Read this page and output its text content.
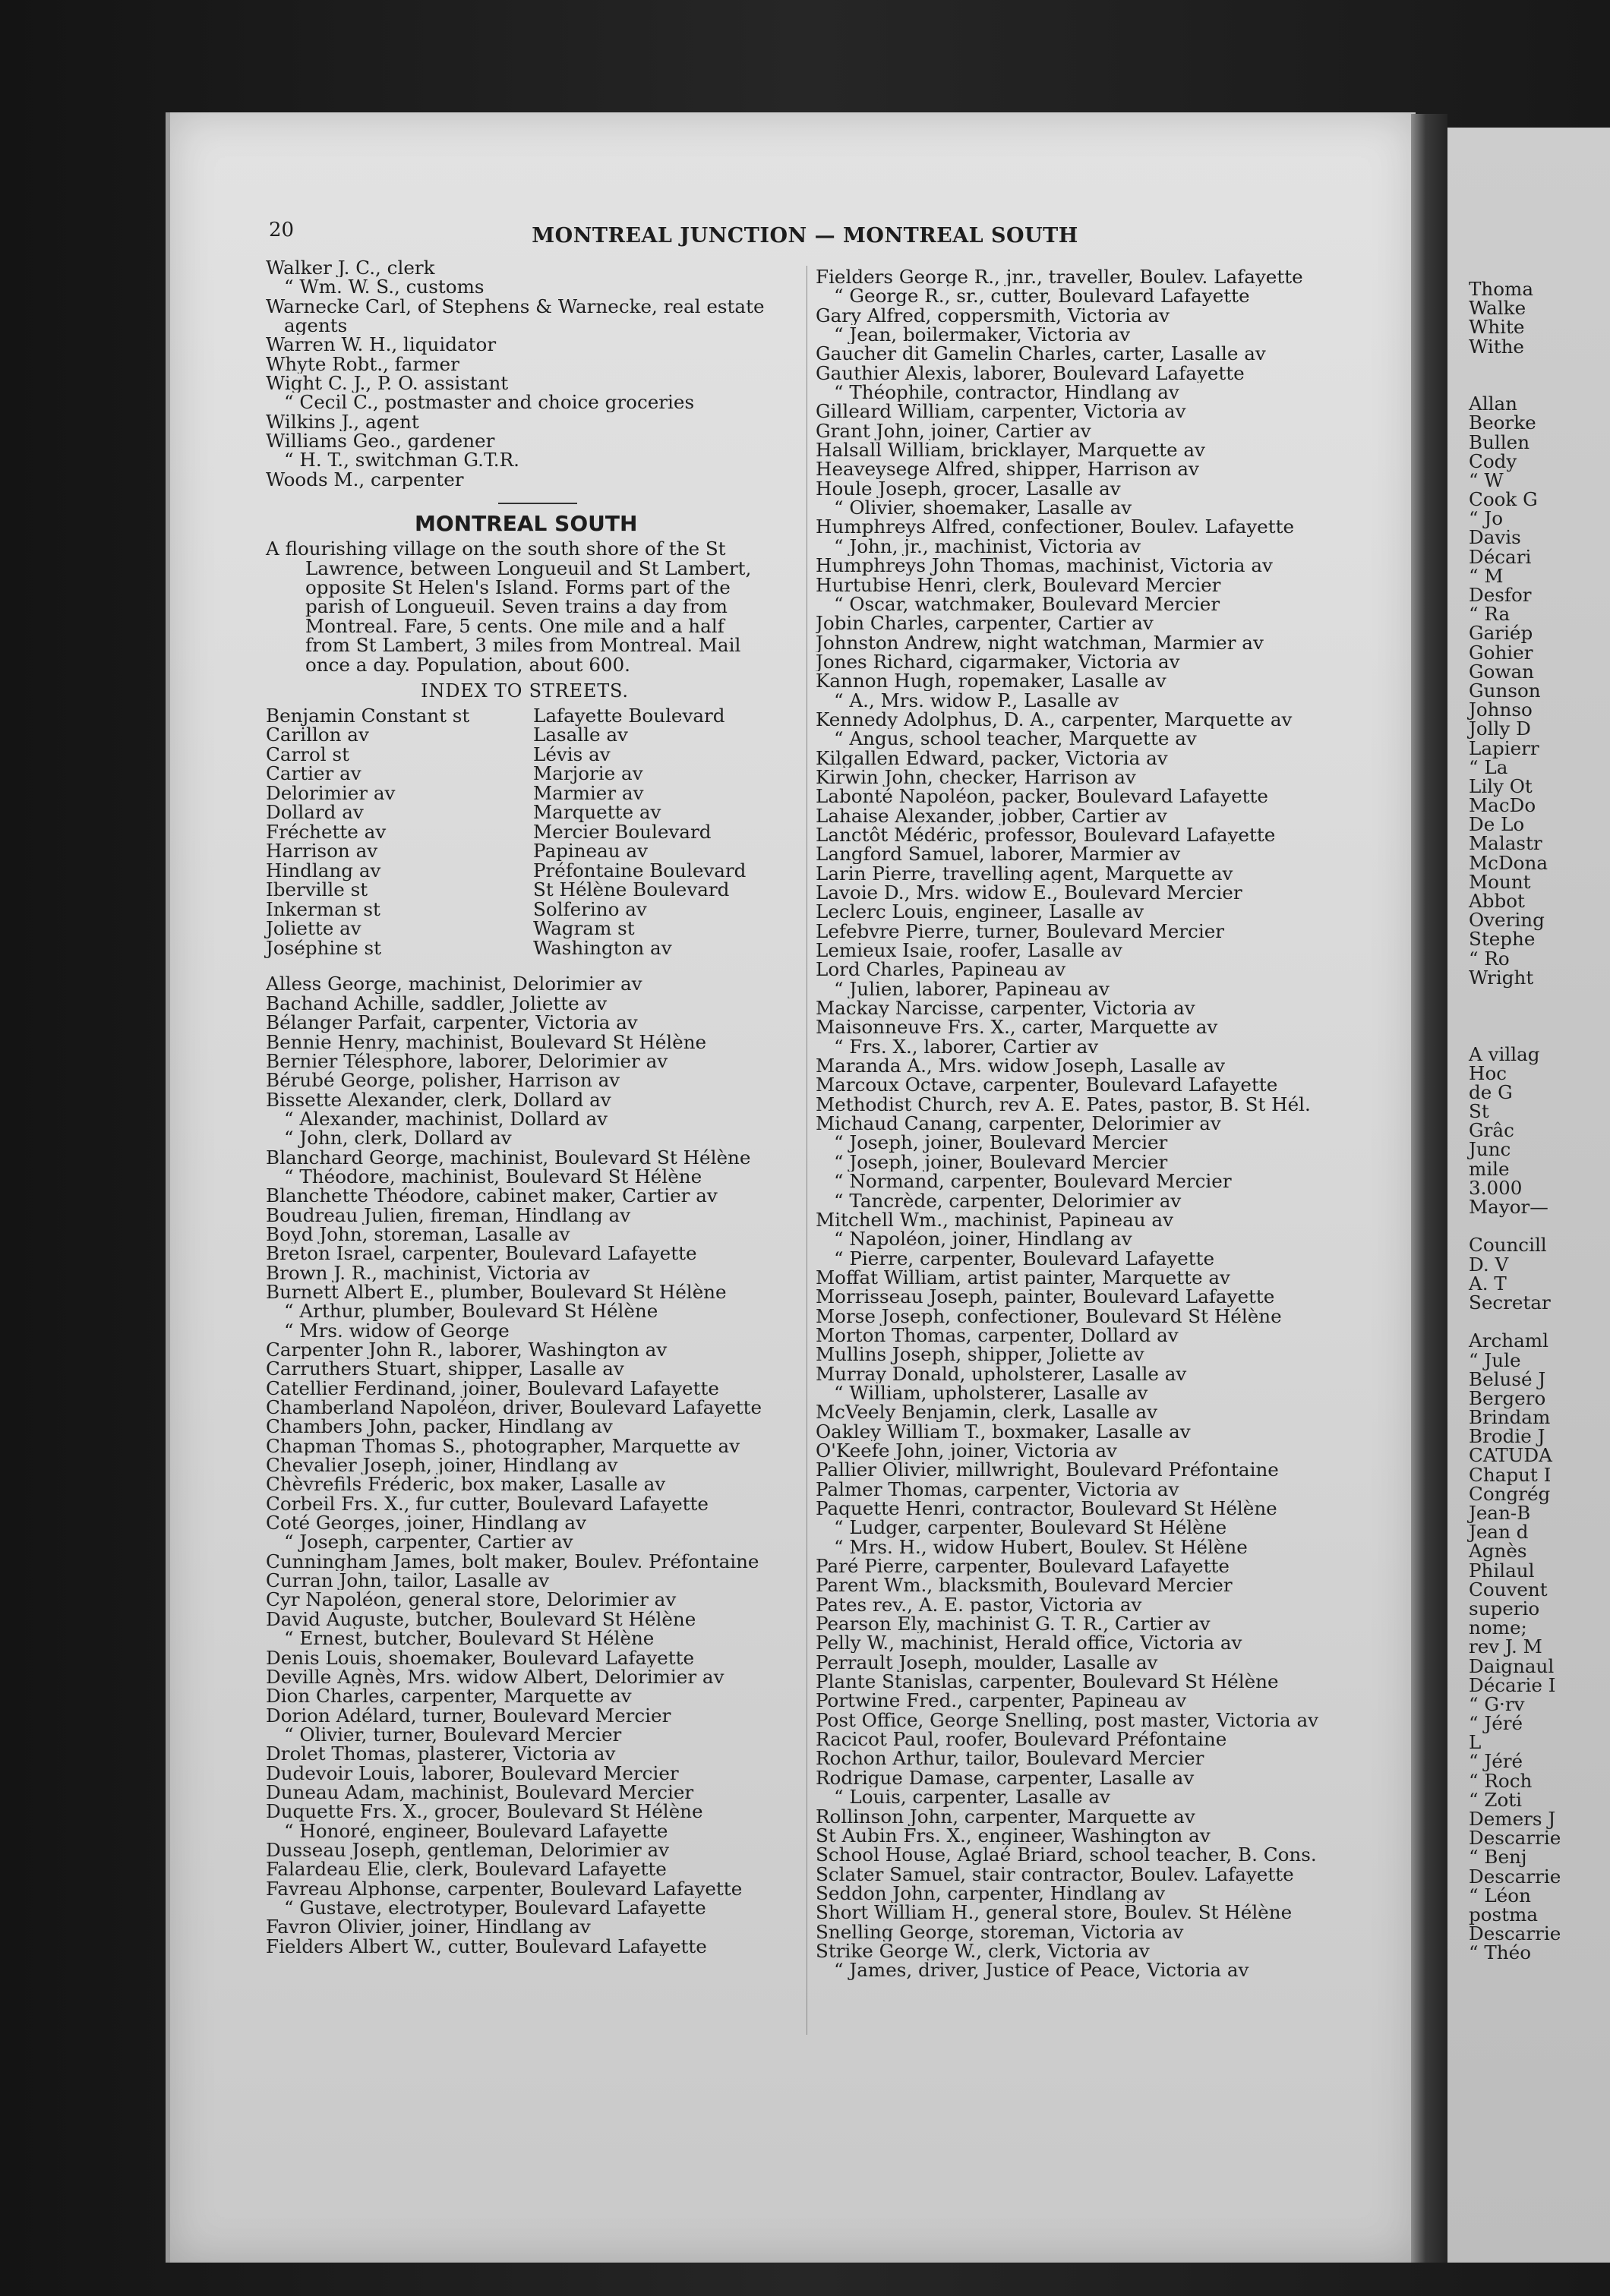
Thoma
Walke
White
Withe
Allan
Beorke
Bullen
Cody
“ W
Cook G
“ Jo
Davis
Décari
“ M
Desfor
“ Ra
Gariép
Gohier
Gowan
Gunson
Johnso
Jolly D
Lapierr
“ La
Lily Ot
MacDo
De Lo
Malastr
McDona
Mount
Abbot
Overing
Stephe
“ Ro
Wright
A villag
Hoc
de G
St
Grâc
Junc
mile
3.000
Mayor—
Councill
D. V
A. T
Secretar
Archaml
“ Jule
Belusé J
Bergero
Brindam
Brodie J
CATUDA
Chaput I
Congrég
Jean-B
Jean d
Agnès
Philaul
Couvent
superio
nome;
rev J. M
Daignaul
Décarie I
“ G·rv
“ Jéré
L
“ Jéré
“ Roch
“ Zoti
Demers J
Descarrie
“ Benj
Descarrie
“ Léon
postma
Descarrie
“ Théo
20	MONTREAL JUNCTION — MONTREAL SOUTH
Walker J. C., clerk
“ Wm. W. S., customs
Warnecke Carl, of Stephens & Warnecke, real estate
agents
Warren W. H., liquidator
Whyte Robt., farmer
Wight C. J., P. O. assistant
“ Cecil C., postmaster and choice groceries
Wilkins J., agent
Williams Geo., gardener
“ H. T., switchman G.T.R.
Woods M., carpenter
MONTREAL SOUTH
A flourishing village on the south shore of the St
Lawrence, between Longueuil and St Lambert,
opposite St Helen's Island. Forms part of the
parish of Longueuil. Seven trains a day from
Montreal. Fare, 5 cents. One mile and a half
from St Lambert, 3 miles from Montreal. Mail
once a day. Population, about 600.
INDEX TO STREETS.
Benjamin Constant st	Lafayette Boulevard
Carillon av	Lasalle av
Carrol st	Lévis av
Cartier av	Marjorie av
Delorimier av	Marmier av
Dollard av	Marquette av
Fréchette av	Mercier Boulevard
Harrison av	Papineau av
Hindlang av	Préfontaine Boulevard
Iberville st	St Hélène Boulevard
Inkerman st	Solferino av
Joliette av	Wagram st
Joséphine st	Washington av
Alless George, machinist, Delorimier av
Bachand Achille, saddler, Joliette av
Bélanger Parfait, carpenter, Victoria av
Bennie Henry, machinist, Boulevard St Hélène
Bernier Télesphore, laborer, Delorimier av
Bérubé George, polisher, Harrison av
Bissette Alexander, clerk, Dollard av
“ Alexander, machinist, Dollard av
“ John, clerk, Dollard av
Blanchard George, machinist, Boulevard St Hélène
“ Théodore, machinist, Boulevard St Hélène
Blanchette Théodore, cabinet maker, Cartier av
Boudreau Julien, fireman, Hindlang av
Boyd John, storeman, Lasalle av
Breton Israel, carpenter, Boulevard Lafayette
Brown J. R., machinist, Victoria av
Burnett Albert E., plumber, Boulevard St Hélène
“ Arthur, plumber, Boulevard St Hélène
“ Mrs. widow of George
Carpenter John R., laborer, Washington av
Carruthers Stuart, shipper, Lasalle av
Catellier Ferdinand, joiner, Boulevard Lafayette
Chamberland Napoléon, driver, Boulevard Lafayette
Chambers John, packer, Hindlang av
Chapman Thomas S., photographer, Marquette av
Chevalier Joseph, joiner, Hindlang av
Chèvrefils Fréderic, box maker, Lasalle av
Corbeil Frs. X., fur cutter, Boulevard Lafayette
Coté Georges, joiner, Hindlang av
“ Joseph, carpenter, Cartier av
Cunningham James, bolt maker, Boulev. Préfontaine
Curran John, tailor, Lasalle av
Cyr Napoléon, general store, Delorimier av
David Auguste, butcher, Boulevard St Hélène
“ Ernest, butcher, Boulevard St Hélène
Denis Louis, shoemaker, Boulevard Lafayette
Deville Agnès, Mrs. widow Albert, Delorimier av
Dion Charles, carpenter, Marquette av
Dorion Adélard, turner, Boulevard Mercier
“ Olivier, turner, Boulevard Mercier
Drolet Thomas, plasterer, Victoria av
Dudevoir Louis, laborer, Boulevard Mercier
Duneau Adam, machinist, Boulevard Mercier
Duquette Frs. X., grocer, Boulevard St Hélène
“ Honoré, engineer, Boulevard Lafayette
Dusseau Joseph, gentleman, Delorimier av
Falardeau Elie, clerk, Boulevard Lafayette
Favreau Alphonse, carpenter, Boulevard Lafayette
“ Gustave, electrotyper, Boulevard Lafayette
Favron Olivier, joiner, Hindlang av
Fielders Albert W., cutter, Boulevard Lafayette
Fielders George R., jnr., traveller, Boulev. Lafayette
“ George R., sr., cutter, Boulevard Lafayette
Gary Alfred, coppersmith, Victoria av
“ Jean, boilermaker, Victoria av
Gaucher dit Gamelin Charles, carter, Lasalle av
Gauthier Alexis, laborer, Boulevard Lafayette
“ Théophile, contractor, Hindlang av
Gilleard William, carpenter, Victoria av
Grant John, joiner, Cartier av
Halsall William, bricklayer, Marquette av
Heaveysege Alfred, shipper, Harrison av
Houle Joseph, grocer, Lasalle av
“ Olivier, shoemaker, Lasalle av
Humphreys Alfred, confectioner, Boulev. Lafayette
“ John, jr., machinist, Victoria av
Humphreys John Thomas, machinist, Victoria av
Hurtubise Henri, clerk, Boulevard Mercier
“ Oscar, watchmaker, Boulevard Mercier
Jobin Charles, carpenter, Cartier av
Johnston Andrew, night watchman, Marmier av
Jones Richard, cigarmaker, Victoria av
Kannon Hugh, ropemaker, Lasalle av
“ A., Mrs. widow P., Lasalle av
Kennedy Adolphus, D. A., carpenter, Marquette av
“ Angus, school teacher, Marquette av
Kilgallen Edward, packer, Victoria av
Kirwin John, checker, Harrison av
Labonté Napoléon, packer, Boulevard Lafayette
Lahaise Alexander, jobber, Cartier av
Lanctôt Médéric, professor, Boulevard Lafayette
Langford Samuel, laborer, Marmier av
Larin Pierre, travelling agent, Marquette av
Lavoie D., Mrs. widow E., Boulevard Mercier
Leclerc Louis, engineer, Lasalle av
Lefebvre Pierre, turner, Boulevard Mercier
Lemieux Isaie, roofer, Lasalle av
Lord Charles, Papineau av
“ Julien, laborer, Papineau av
Mackay Narcisse, carpenter, Victoria av
Maisonneuve Frs. X., carter, Marquette av
“ Frs. X., laborer, Cartier av
Maranda A., Mrs. widow Joseph, Lasalle av
Marcoux Octave, carpenter, Boulevard Lafayette
Methodist Church, rev A. E. Pates, pastor, B. St Hél.
Michaud Canang, carpenter, Delorimier av
“ Joseph, joiner, Boulevard Mercier
“ Joseph, joiner, Boulevard Mercier
“ Normand, carpenter, Boulevard Mercier
“ Tancrède, carpenter, Delorimier av
Mitchell Wm., machinist, Papineau av
“ Napoléon, joiner, Hindlang av
“ Pierre, carpenter, Boulevard Lafayette
Moffat William, artist painter, Marquette av
Morrisseau Joseph, painter, Boulevard Lafayette
Morse Joseph, confectioner, Boulevard St Hélène
Morton Thomas, carpenter, Dollard av
Mullins Joseph, shipper, Joliette av
Murray Donald, upholsterer, Lasalle av
“ William, upholsterer, Lasalle av
McVeely Benjamin, clerk, Lasalle av
Oakley William T., boxmaker, Lasalle av
O'Keefe John, joiner, Victoria av
Pallier Olivier, millwright, Boulevard Préfontaine
Palmer Thomas, carpenter, Victoria av
Paquette Henri, contractor, Boulevard St Hélène
“ Ludger, carpenter, Boulevard St Hélène
“ Mrs. H., widow Hubert, Boulev. St Hélène
Paré Pierre, carpenter, Boulevard Lafayette
Parent Wm., blacksmith, Boulevard Mercier
Pates rev., A. E. pastor, Victoria av
Pearson Ely, machinist G. T. R., Cartier av
Pelly W., machinist, Herald office, Victoria av
Perrault Joseph, moulder, Lasalle av
Plante Stanislas, carpenter, Boulevard St Hélène
Portwine Fred., carpenter, Papineau av
Post Office, George Snelling, post master, Victoria av
Racicot Paul, roofer, Boulevard Préfontaine
Rochon Arthur, tailor, Boulevard Mercier
Rodrigue Damase, carpenter, Lasalle av
“ Louis, carpenter, Lasalle av
Rollinson John, carpenter, Marquette av
St Aubin Frs. X., engineer, Washington av
School House, Aglaé Briard, school teacher, B. Cons.
Sclater Samuel, stair contractor, Boulev. Lafayette
Seddon John, carpenter, Hindlang av
Short William H., general store, Boulev. St Hélène
Snelling George, storeman, Victoria av
Strike George W., clerk, Victoria av
“ James, driver, Justice of Peace, Victoria av
